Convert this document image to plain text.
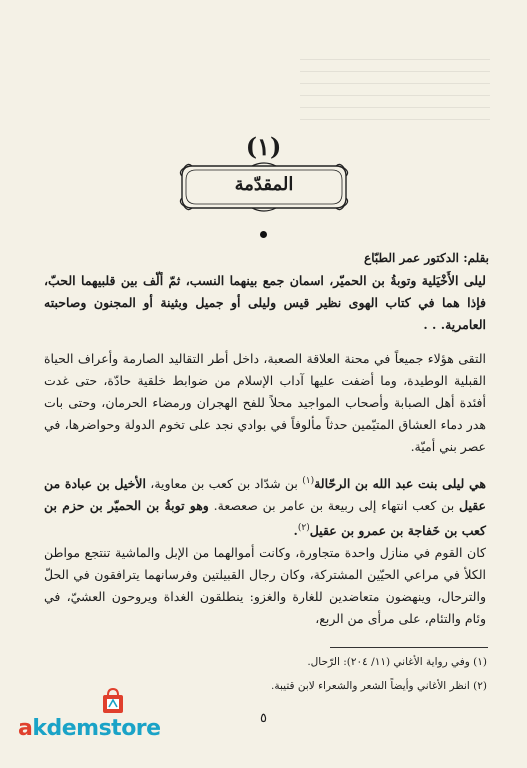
(١)
المقدّمة
بقلم: الدكتور عمر الطبّاع
ليلى الأَخْيَلية وتوبةُ بن الحميّر، اسمان جمع بينهما النسب، ثمّ ألّف بين قلبيهما الحبّ، فإذا هما في كتاب الهوى نظير قيس وليلى أو جميل وبثينة أو المجنون وصاحبته العامرية. . .
التقى هؤلاء جميعاً في محنة العلاقة الصعبة، داخل أطر التقاليد الصارمة وأعراف الحياة القبلية الوطيدة، وما أضفت عليها آداب الإسلام من ضوابط خلقية حادّة، حتى غدت أفئدة أهل الصبابة وأصحاب المواجيد محلاً للفح الهجران ورمضاء الحرمان، وحتى بات هدر دماء العشاق المتيّمين حدثاً مألوفاً في بوادي نجد على تخوم الدولة وحواضرها، في عصر بني أميّة.
هي ليلى بنت عبد الله بن الرحّالة$^{(١)}$ بن شدّاد بن كعب بن معاوية، الأخيل بن عبادة من عقيل بن كعب انتهاء إلى ربيعة بن عامر بن صعصعة. وهو توبةُ بن الحميّر بن حزم بن كعب بن خَفاجة بن عمرو بن عقيل$^{(٢)}$.
كان القوم في منازل واحدة متجاورة، وكانت أموالهما من الإبل والماشية تنتجع مواطن الكلأ في مراعي الحيّين المشتركة، وكان رجال القبيلتين وفرسانهما يترافقون في الحلّ والترحال، وينهضون متعاضدين للغارة والغزو: ينطلقون الغداة ويروحون العشيّ، في وئام والتئام، على مرأى من الربع،
(١) وفي رواية الأغاني (١١/ ٢٠٤): الرّحال.
(٢) انظر الأغاني وأيضاً الشعر والشعراء لابن قتيبة.
٥
akdemstore
